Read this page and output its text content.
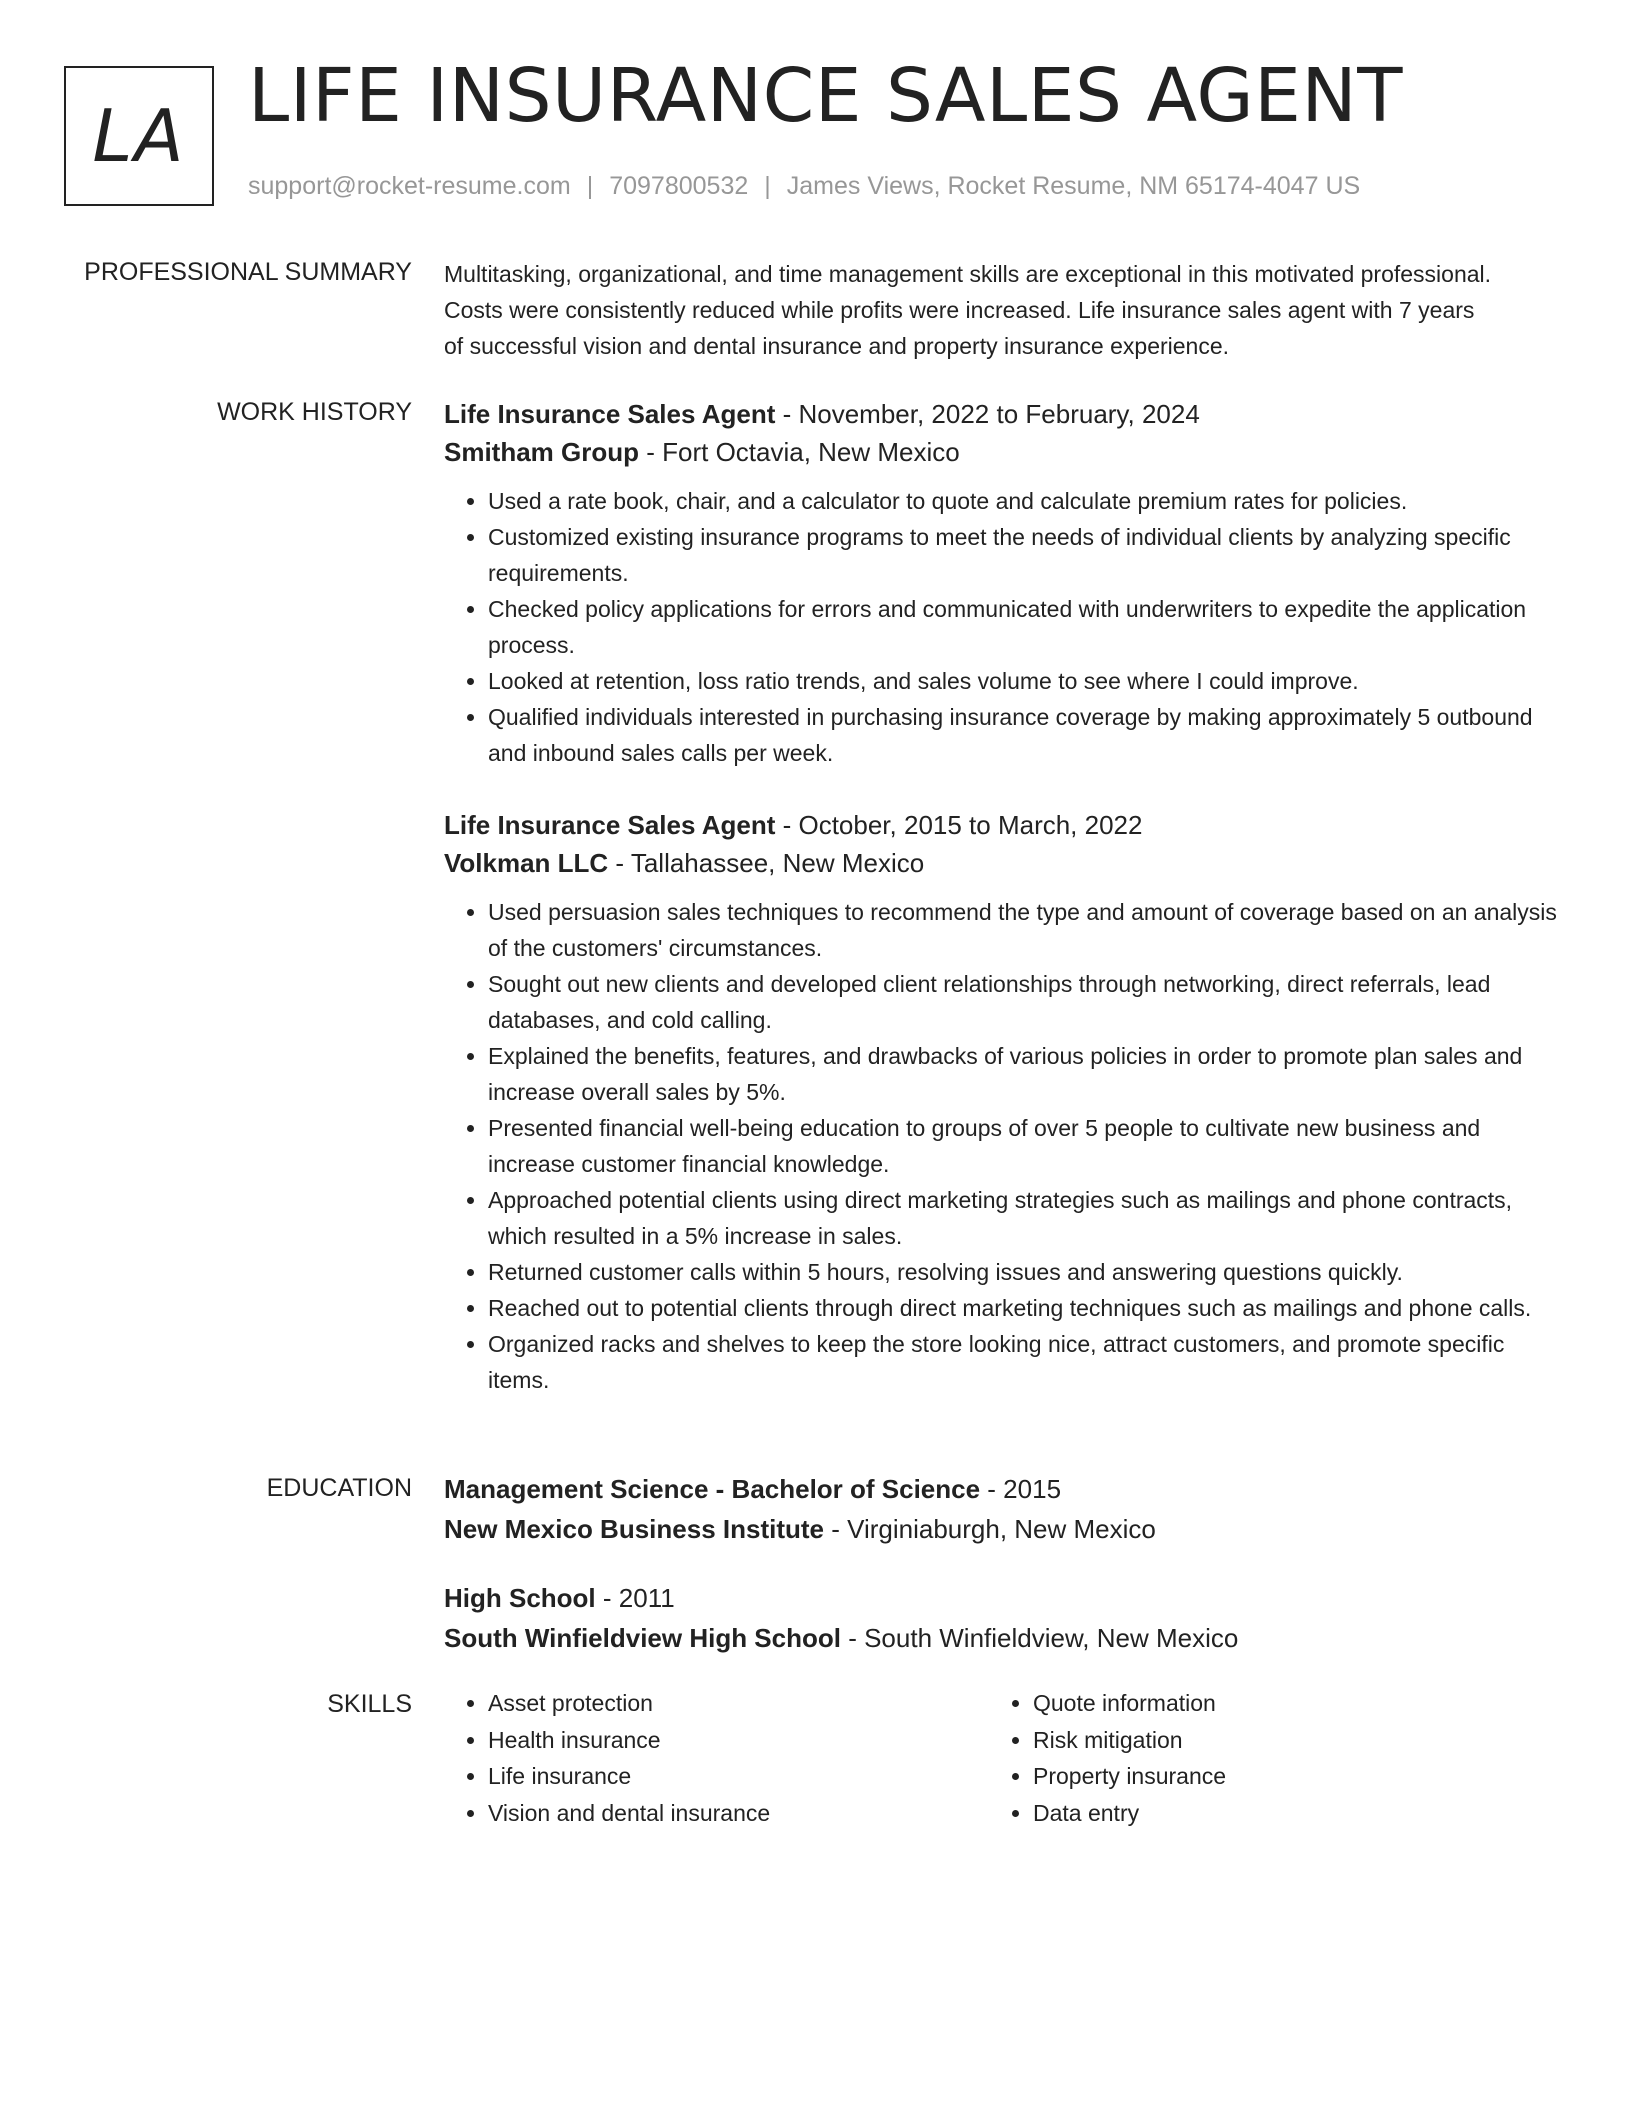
LA LIFE INSURANCE SALES AGENT
support@rocket-resume.com | 7097800532 | James Views, Rocket Resume, NM 65174-4047 US
PROFESSIONAL SUMMARY Multitasking, organizational, and time management skills are exceptional in this motivated professional. Costs were consistently reduced while profits were increased. Life insurance sales agent with 7 years of successful vision and dental insurance and property insurance experience.

WORK HISTORY Life Insurance Sales Agent - November, 2022 to February, 2024

Smitham Group - Fort Octavia, New Mexico

• Used a rate book, chair, and a calculator to quote and calculate premium rates for policies.
• Customized existing insurance programs to meet the needs of individual clients by analyzing specific requirements.
• Checked policy applications for errors and communicated with underwriters to expedite the application process.
• Looked at retention, loss ratio trends, and sales volume to see where I could improve.
• Qualified individuals interested in purchasing insurance coverage by making approximately 5 outbound and inbound sales calls per week.

Life Insurance Sales Agent - October, 2015 to March, 2022

Volkman LLC - Tallahassee, New Mexico

• Used persuasion sales techniques to recommend the type and amount of coverage based on an analysis of the customers' circumstances.
• Sought out new clients and developed client relationships through networking, direct referrals, lead databases, and cold calling.
• Explained the benefits, features, and drawbacks of various policies in order to promote plan sales and increase overall sales by 5%.
• Presented financial well-being education to groups of over 5 people to cultivate new business and increase customer financial knowledge.
• Approached potential clients using direct marketing strategies such as mailings and phone contracts, which resulted in a 5% increase in sales.
• Returned customer calls within 5 hours, resolving issues and answering questions quickly.
• Reached out to potential clients through direct marketing techniques such as mailings and phone calls.
• Organized racks and shelves to keep the store looking nice, attract customers, and promote specific items.
EDUCATION Management Science - Bachelor of Science - 2015

New Mexico Business Institute - Virginiaburgh, New Mexico

High School - 2011

South Winfieldview High School - South Winfieldview, New Mexico

SKILLS
•	Asset protection
• Health insurance
• Life insurance
• Vision and dental insurance
• Quote information
• Risk mitigation
• Property insurance
• Data entry
